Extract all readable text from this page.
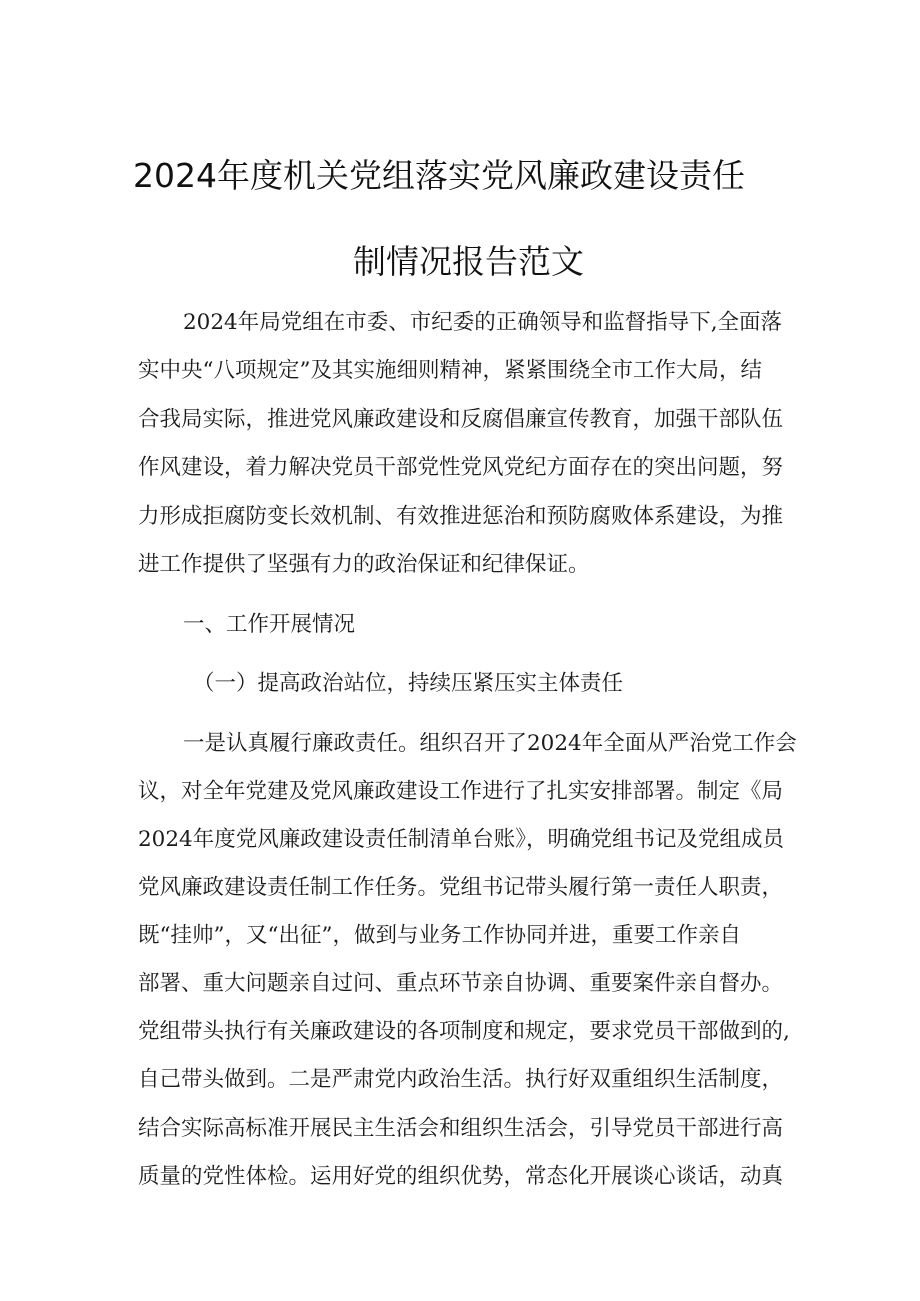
2024年度机关党组落实党风廉政建设责任
制情况报告范文
2024年局党组在市委、市纪委的正确领导和监督指导下,全面落
实中央“八项规定”及其实施细则精神，紧紧围绕全市工作大局，结
合我局实际，推进党风廉政建设和反腐倡廉宣传教育，加强干部队伍
作风建设，着力解决党员干部党性党风党纪方面存在的突出问题，努
力形成拒腐防变长效机制、有效推进惩治和预防腐败体系建设，为推
进工作提供了坚强有力的政治保证和纪律保证。
一、工作开展情况
（一）提高政治站位，持续压紧压实主体责任
一是认真履行廉政责任。组织召开了2024年全面从严治党工作会
议，对全年党建及党风廉政建设工作进行了扎实安排部署。制定《局
2024年度党风廉政建设责任制清单台账》，明确党组书记及党组成员
党风廉政建设责任制工作任务。党组书记带头履行第一责任人职责，
既“挂帅”，又“出征”，做到与业务工作协同并进，重要工作亲自
部署、重大问题亲自过问、重点环节亲自协调、重要案件亲自督办。
党组带头执行有关廉政建设的各项制度和规定，要求党员干部做到的,
自己带头做到。二是严肃党内政治生活。执行好双重组织生活制度，
结合实际高标准开展民主生活会和组织生活会，引导党员干部进行高
质量的党性体检。运用好党的组织优势，常态化开展谈心谈话，动真
